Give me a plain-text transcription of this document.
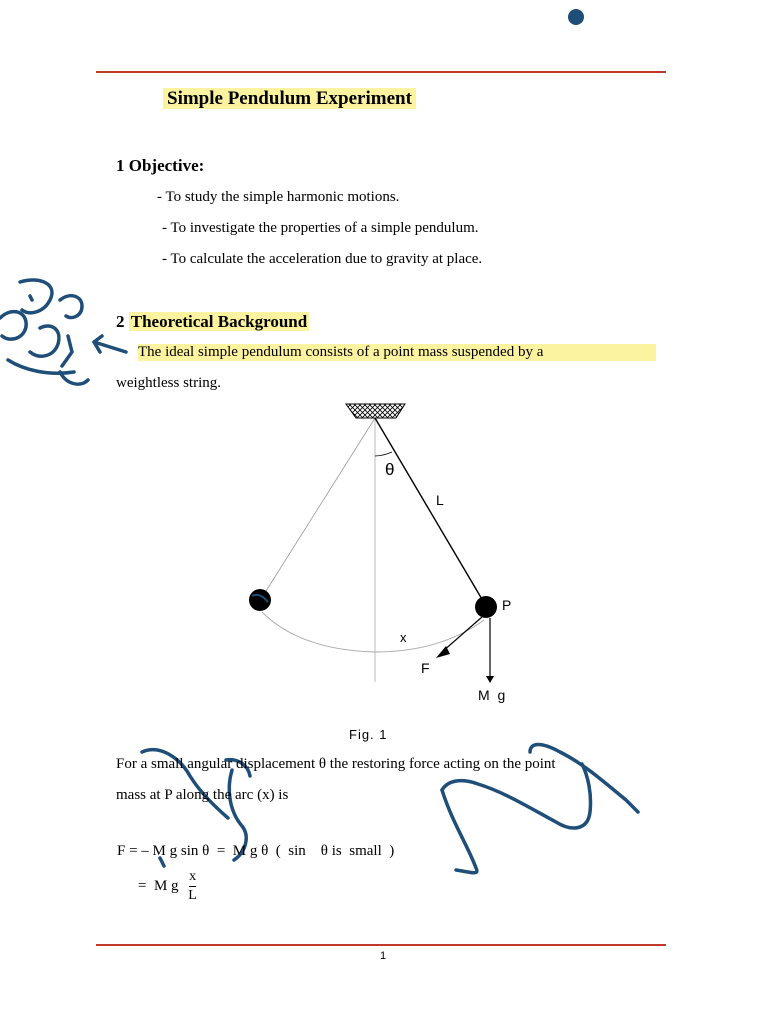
Simple Pendulum Experiment
1 Objective:
- To study the simple harmonic motions.
- To investigate the properties of a simple pendulum.
- To calculate the acceleration due to gravity at place.
2 Theoretical Background
The ideal simple pendulum consists of a point mass suspended by a
weightless string.
θ
L
P
x
F
M g
Fig. 1
For a small angular displacement θ the restoring force acting on the point
mass at P along the arc (x) is
F = – M g sin θ  =  M g θ  (  sin    θ is  small  )
=  M g $\frac{x}{L}$
1
